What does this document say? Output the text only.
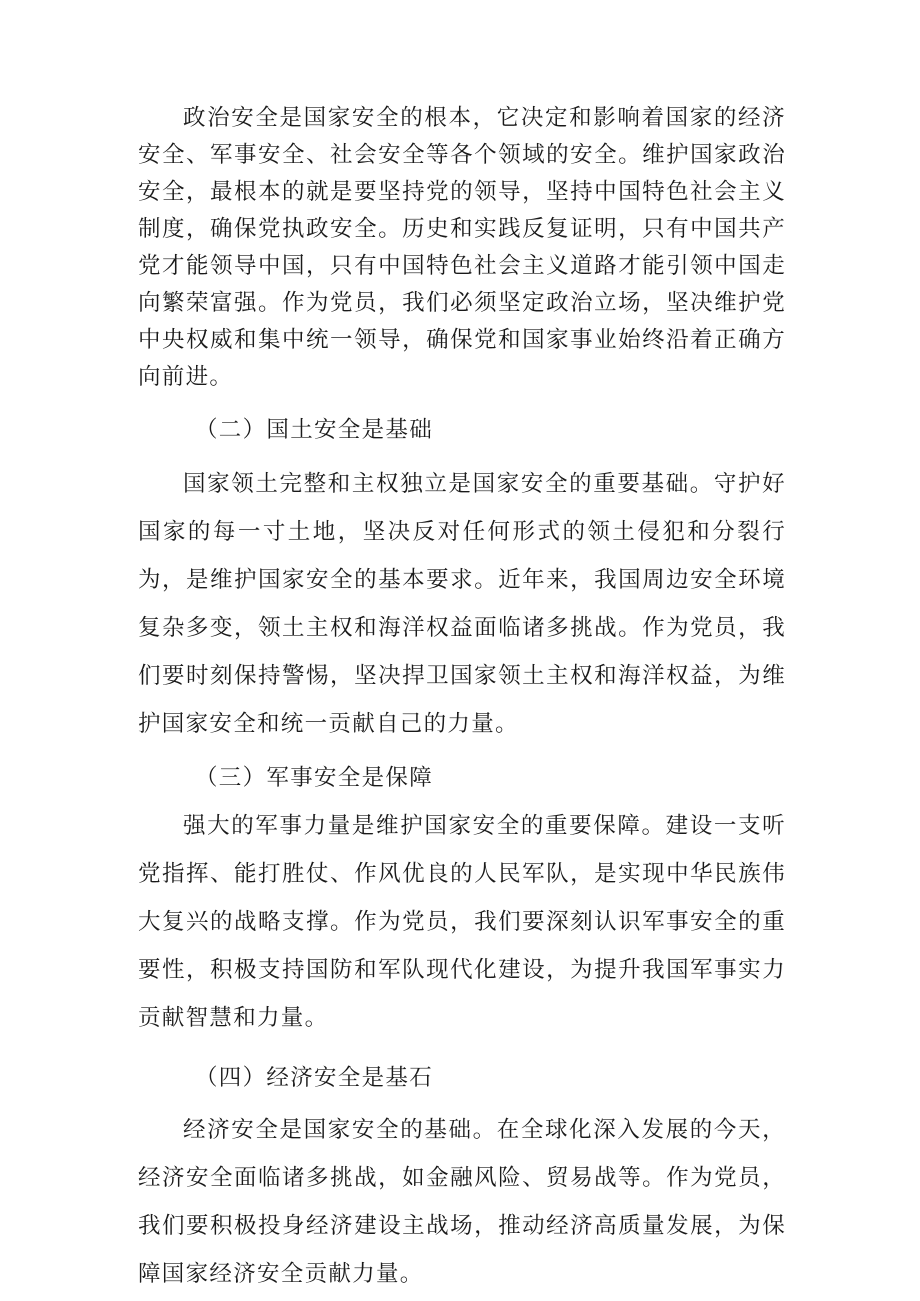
政治安全是国家安全的根本，它决定和影响着国家的经济安全、军事安全、社会安全等各个领域的安全。维护国家政治安全，最根本的就是要坚持党的领导，坚持中国特色社会主义制度，确保党执政安全。历史和实践反复证明，只有中国共产党才能领导中国，只有中国特色社会主义道路才能引领中国走向繁荣富强。作为党员，我们必须坚定政治立场，坚决维护党中央权威和集中统一领导，确保党和国家事业始终沿着正确方向前进。

（二）国土安全是基础

国家领土完整和主权独立是国家安全的重要基础。守护好国家的每一寸土地，坚决反对任何形式的领土侵犯和分裂行为，是维护国家安全的基本要求。近年来，我国周边安全环境复杂多变，领土主权和海洋权益面临诸多挑战。作为党员，我们要时刻保持警惕，坚决捍卫国家领土主权和海洋权益，为维护国家安全和统一贡献自己的力量。

（三）军事安全是保障

强大的军事力量是维护国家安全的重要保障。建设一支听党指挥、能打胜仗、作风优良的人民军队，是实现中华民族伟大复兴的战略支撑。作为党员，我们要深刻认识军事安全的重要性，积极支持国防和军队现代化建设，为提升我国军事实力贡献智慧和力量。

（四）经济安全是基石

经济安全是国家安全的基础。在全球化深入发展的今天，经济安全面临诸多挑战，如金融风险、贸易战等。作为党员，我们要积极投身经济建设主战场，推动经济高质量发展，为保障国家经济安全贡献力量。
